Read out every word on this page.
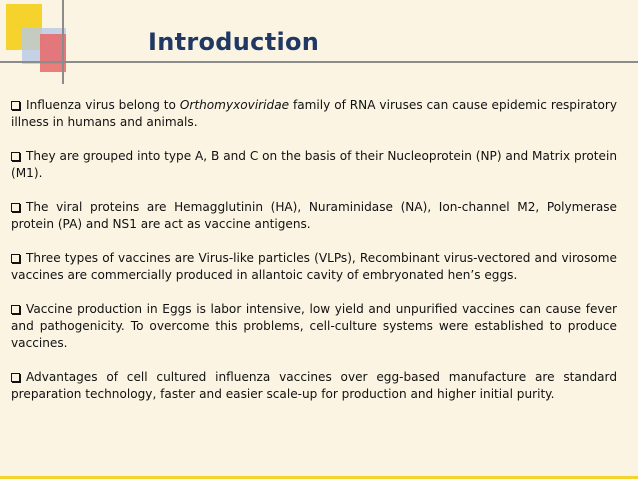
Introduction

Influenza virus belong to Orthomyxoviridae family of RNA viruses can cause epidemic respiratory illness in humans and animals.

They are grouped into type A, B and C on the basis of their Nucleoprotein (NP) and Matrix protein (M1).

The viral proteins are Hemagglutinin (HA), Nuraminidase (NA), Ion-channel M2, Polymerase protein (PA) and NS1 are act as vaccine antigens.

Three types of vaccines are Virus-like particles (VLPs), Recombinant virus-vectored and virosome vaccines are commercially produced in allantoic cavity of embryonated hen’s eggs.

Vaccine production in Eggs is labor intensive, low yield and unpurified vaccines can cause fever and pathogenicity. To overcome this problems, cell-culture systems were established to produce vaccines.

Advantages of cell cultured influenza vaccines over egg-based manufacture are standard preparation technology, faster and easier scale-up for production and higher initial purity.
